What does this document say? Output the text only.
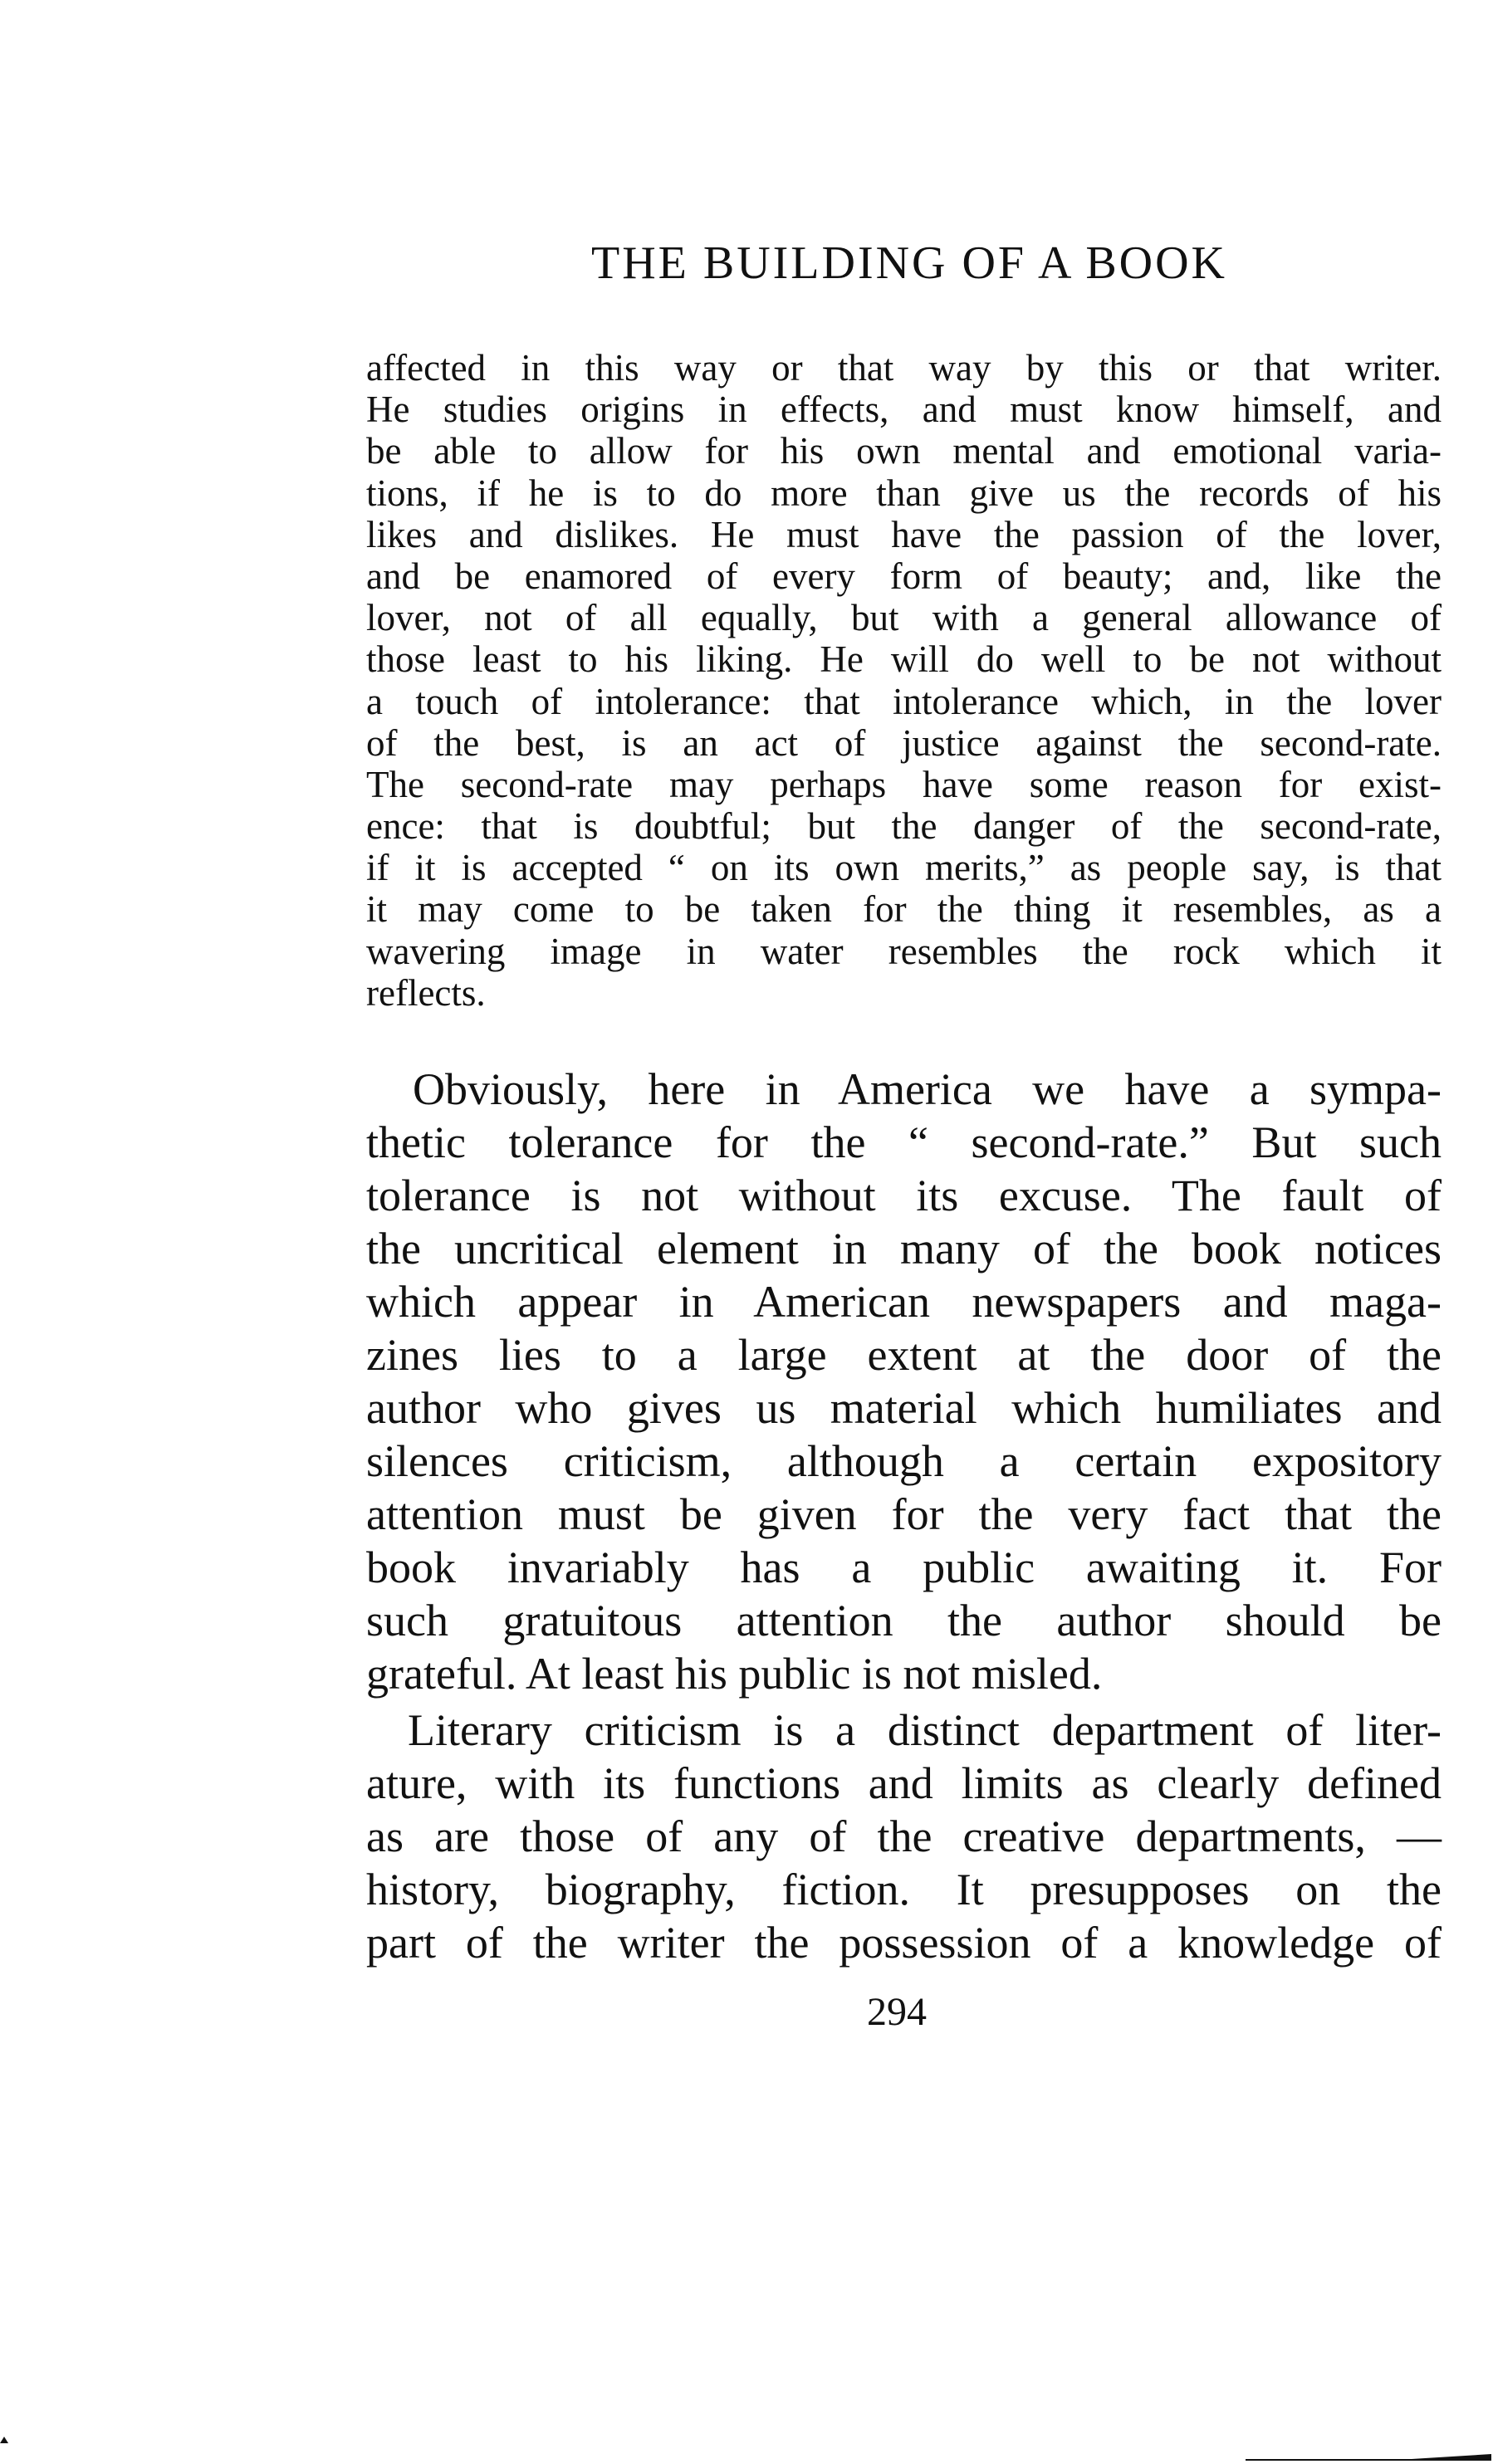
THE BUILDING OF A BOOK
affected in this way or that way by this or that writer.
He studies origins in effects, and must know himself, and
be able to allow for his own mental and emotional varia-
tions, if he is to do more than give us the records of his
likes and dislikes. He must have the passion of the lover,
and be enamored of every form of beauty; and, like the
lover, not of all equally, but with a general allowance of
those least to his liking. He will do well to be not without
a touch of intolerance: that intolerance which, in the lover
of the best, is an act of justice against the second-rate.
The second-rate may perhaps have some reason for exist-
ence: that is doubtful; but the danger of the second-rate,
if it is accepted “ on its own merits,” as people say, is that
it may come to be taken for the thing it resembles, as a
wavering image in water resembles the rock which it
reflects.
Obviously, here in America we have a sympa-
thetic tolerance for the “ second-rate.” But such
tolerance is not without its excuse. The fault of
the uncritical element in many of the book notices
which appear in American newspapers and maga-
zines lies to a large extent at the door of the
author who gives us material which humiliates and
silences criticism, although a certain expository
attention must be given for the very fact that the
book invariably has a public awaiting it. For
such gratuitous attention the author should be
grateful. At least his public is not misled.
Literary criticism is a distinct department of liter-
ature, with its functions and limits as clearly defined
as are those of any of the creative departments, —
history, biography, fiction. It presupposes on the
part of the writer the possession of a knowledge of
294
